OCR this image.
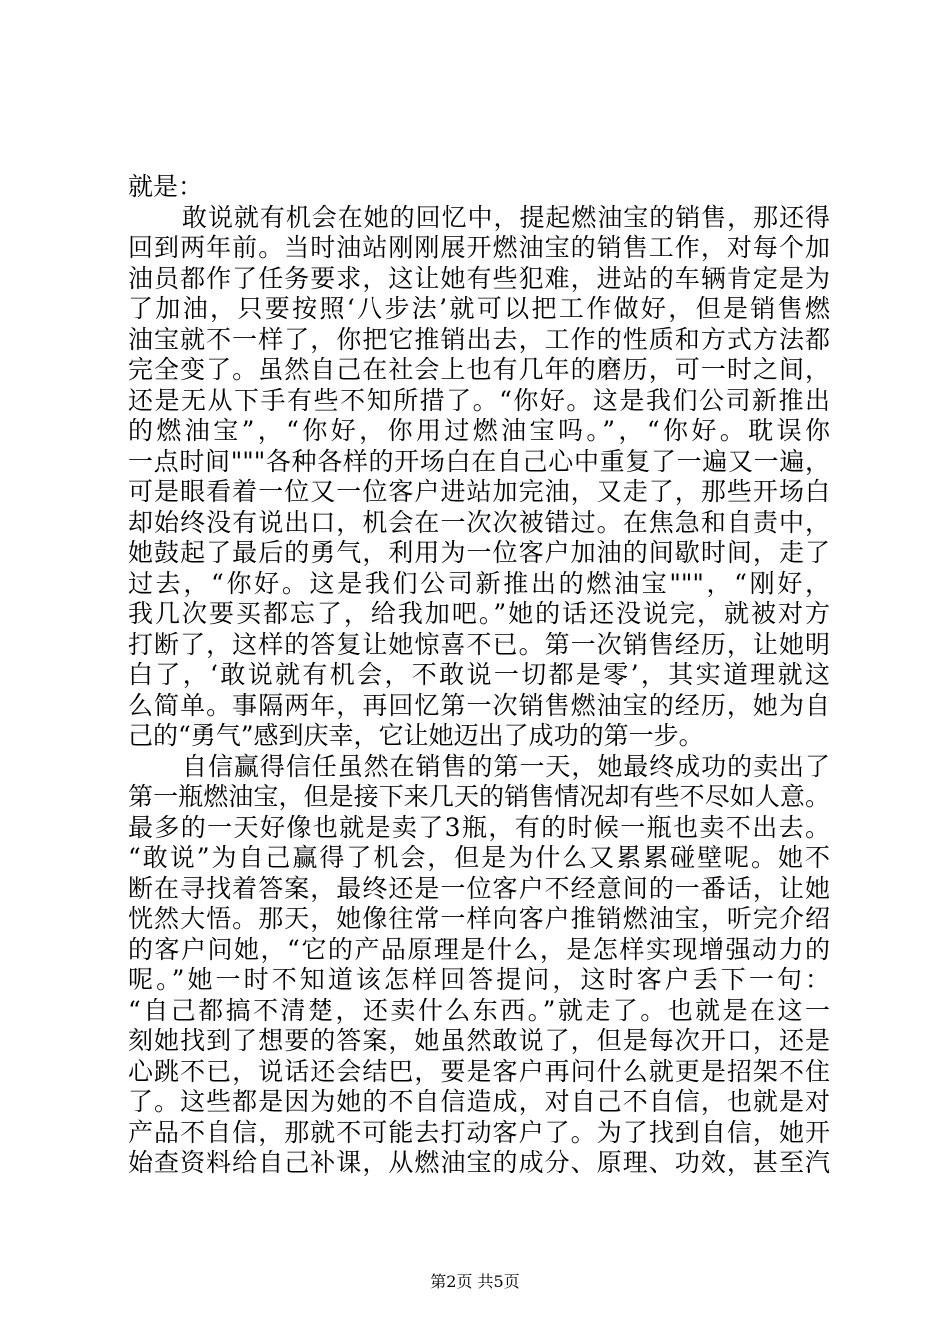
就是：
敢说就有机会在她的回忆中，提起燃油宝的销售，那还得
回到两年前。当时油站刚刚展开燃油宝的销售工作，对每个加
油员都作了任务要求，这让她有些犯难，进站的车辆肯定是为
了加油，只要按照‘八步法’就可以把工作做好，但是销售燃
油宝就不一样了，你把它推销出去，工作的性质和方式方法都
完全变了。虽然自己在社会上也有几年的磨历，可一时之间，
还是无从下手有些不知所措了。“你好。这是我们公司新推出
的燃油宝”，“你好，你用过燃油宝吗。”，“你好。耽误你
一点时间"""各种各样的开场白在自己心中重复了一遍又一遍，
可是眼看着一位又一位客户进站加完油，又走了，那些开场白
却始终没有说出口，机会在一次次被错过。在焦急和自责中，
她鼓起了最后的勇气，利用为一位客户加油的间歇时间，走了
过去，“你好。这是我们公司新推出的燃油宝"""，“刚好，
我几次要买都忘了，给我加吧。”她的话还没说完，就被对方
打断了，这样的答复让她惊喜不已。第一次销售经历，让她明
白了，‘敢说就有机会，不敢说一切都是零’，其实道理就这
么简单。事隔两年，再回忆第一次销售燃油宝的经历，她为自
己的“勇气”感到庆幸，它让她迈出了成功的第一步。
自信赢得信任虽然在销售的第一天，她最终成功的卖出了
第一瓶燃油宝，但是接下来几天的销售情况却有些不尽如人意。
最多的一天好像也就是卖了3瓶，有的时候一瓶也卖不出去。
“敢说”为自己赢得了机会，但是为什么又累累碰壁呢。她不
断在寻找着答案，最终还是一位客户不经意间的一番话，让她
恍然大悟。那天，她像往常一样向客户推销燃油宝，听完介绍
的客户问她，“它的产品原理是什么，是怎样实现增强动力的
呢。”她一时不知道该怎样回答提问，这时客户丢下一句：
“自己都搞不清楚，还卖什么东西。”就走了。也就是在这一
刻她找到了想要的答案，她虽然敢说了，但是每次开口，还是
心跳不已，说话还会结巴，要是客户再问什么就更是招架不住
了。这些都是因为她的不自信造成，对自己不自信，也就是对
产品不自信，那就不可能去打动客户了。为了找到自信，她开
始查资料给自己补课，从燃油宝的成分、原理、功效，甚至汽
第2页 共5页
